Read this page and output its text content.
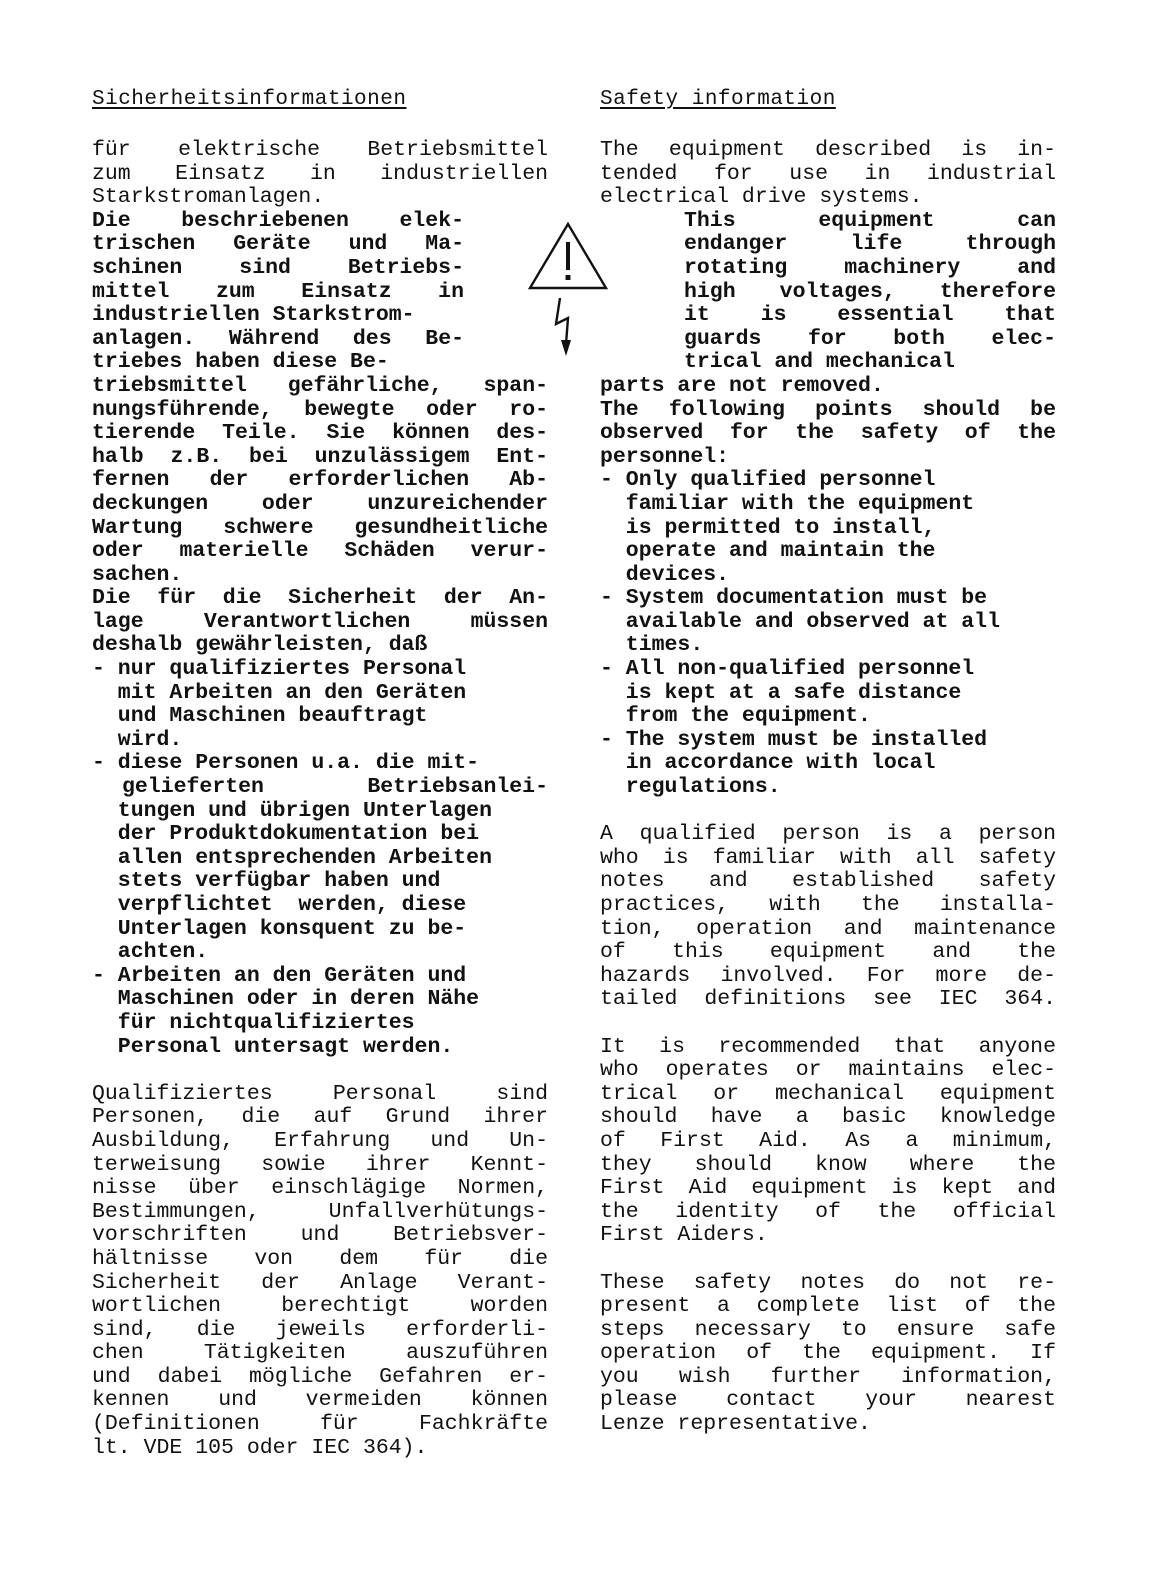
Sicherheitsinformationen
für elektrische Betriebsmittel
zum Einsatz in industriellen
Starkstromanlagen.
Die beschriebenen elek-
trischen Geräte und Ma-
schinen sind Betriebs-
mittel zum Einsatz in
industriellen Starkstrom-
anlagen. Während des Be-
triebes haben diese Be-
triebsmittel gefährliche, span-
nungsführende, bewegte oder ro-
tierende Teile. Sie können des-
halb z.B. bei unzulässigem Ent-
fernen der erforderlichen Ab-
deckungen oder unzureichender
Wartung schwere gesundheitliche
oder materielle Schäden verur-
sachen.
Die für die Sicherheit der An-
lage Verantwortlichen müssen
deshalb gewährleisten, daß
- nur qualifiziertes Personal
mit Arbeiten an den Geräten
und Maschinen beauftragt
wird.
- diese Personen u.a. die mit-
gelieferten Betriebsanlei-
tungen und übrigen Unterlagen
der Produktdokumentation bei
allen entsprechenden Arbeiten
stets verfügbar haben und
verpflichtet  werden, diese
Unterlagen konsquent zu be-
achten.
- Arbeiten an den Geräten und
Maschinen oder in deren Nähe
für nichtqualifiziertes
Personal untersagt werden.
Qualifiziertes Personal sind
Personen, die auf Grund ihrer
Ausbildung, Erfahrung und Un-
terweisung sowie ihrer Kennt-
nisse über einschlägige Normen,
Bestimmungen, Unfallverhütungs-
vorschriften und Betriebsver-
hältnisse von dem für die
Sicherheit der Anlage Verant-
wortlichen berechtigt worden
sind, die jeweils erforderli-
chen Tätigkeiten auszuführen
und dabei mögliche Gefahren er-
kennen und vermeiden können
(Definitionen für Fachkräfte
lt. VDE 105 oder IEC 364).
Safety information
The equipment described is in-
tended for use in industrial
electrical drive systems.
This equipment can
endanger life through
rotating machinery and
high voltages, therefore
it is essential that
guards for both elec-
trical and mechanical
parts are not removed.
The following points should be
observed for the safety of the
personnel:
- Only qualified personnel
familiar with the equipment
is permitted to install,
operate and maintain the
devices.
- System documentation must be
available and observed at all
times.
- All non-qualified personnel
is kept at a safe distance
from the equipment.
- The system must be installed
in accordance with local
regulations.
A qualified person is a person
who is familiar with all safety
notes and established safety
practices, with the installa-
tion, operation and maintenance
of this equipment and the
hazards involved. For more de-
tailed definitions see IEC 364.
It is recommended that anyone
who operates or maintains elec-
trical or mechanical equipment
should have a basic knowledge
of First Aid. As a minimum,
they should know where the
First Aid equipment is kept and
the identity of the official
First Aiders.
These safety notes do not re-
present a complete list of the
steps necessary to ensure safe
operation of the equipment. If
you wish further information,
please contact your nearest
Lenze representative.
